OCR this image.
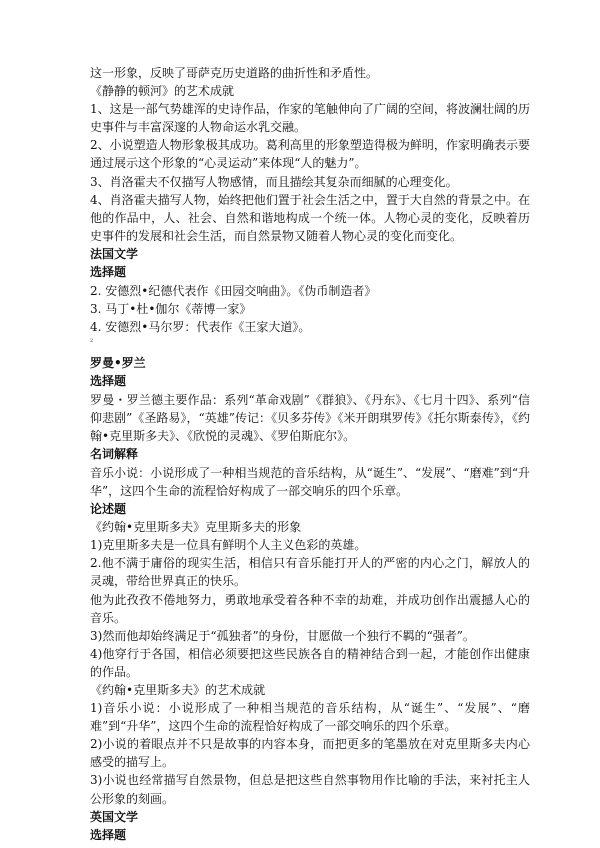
这一形象，反映了哥萨克历史道路的曲折性和矛盾性。

《静静的顿河》的艺术成就

1、这是一部气势雄浑的史诗作品，作家的笔触伸向了广阔的空间，将波澜壮阔的历史事件与丰富深邃的人物命运水乳交融。

2、小说塑造人物形象极其成功。葛利高里的形象塑造得极为鲜明，作家明确表示要通过展示这个形象的“心灵运动”来体现“人的魅力”。

3、肖洛霍夫不仅描写人物感情，而且描绘其复杂而细腻的心理变化。

4、肖洛霍夫描写人物，始终把他们置于社会生活之中，置于大自然的背景之中。在他的作品中，人、社会、自然和谐地构成一个统一体。人物心灵的变化，反映着历史事件的发展和社会生活，而自然景物又随着人物心灵的变化而变化。

法国文学

选择题

2. 安德烈•纪德代表作《田园交响曲》。《伪币制造者》

3. 马丁•杜•伽尔《蒂博一家》

4. 安德烈•马尔罗：代表作《王家大道》。

2

罗曼•罗兰

选择题

罗曼・罗兰德主要作品：系列“革命戏剧”《群狼》、《丹东》、《七月十四》、系列“信仰悲剧”《圣路易》，“英雄”传记：《贝多芬传》《米开朗琪罗传》《托尔斯泰传》，《约翰•克里斯多夫》、《欣悦的灵魂》、《罗伯斯庇尔》。

名词解释

音乐小说：小说形成了一种相当规范的音乐结构，从“诞生”、“发展”、“磨难”到“升华”，这四个生命的流程恰好构成了一部交响乐的四个乐章。

论述题

《约翰•克里斯多夫》克里斯多夫的形象

1)克里斯多夫是一位具有鲜明个人主义色彩的英雄。

2.他不满于庸俗的现实生活，相信只有音乐能打开人的严密的内心之门，解放人的灵魂，带给世界真正的快乐。

他为此孜孜不倦地努力，勇敢地承受着各种不幸的劫难，并成功创作出震撼人心的音乐。

3)然而他却始终满足于“孤独者”的身份，甘愿做一个独行不羁的“强者”。

4)他穿行于各国，相信必须要把这些民族各自的精神结合到一起，才能创作出健康的作品。

《约翰•克里斯多夫》的艺术成就

1)音乐小说：小说形成了一种相当规范的音乐结构，从“诞生”、“发展”、“磨难”到“升华”，这四个生命的流程恰好构成了一部交响乐的四个乐章。

2)小说的着眼点并不只是故事的内容本身，而把更多的笔墨放在对克里斯多夫内心感受的描写上。

3)小说也经常描写自然景物，但总是把这些自然事物用作比喻的手法，来衬托主人公形象的刻画。

英国文学

选择题
